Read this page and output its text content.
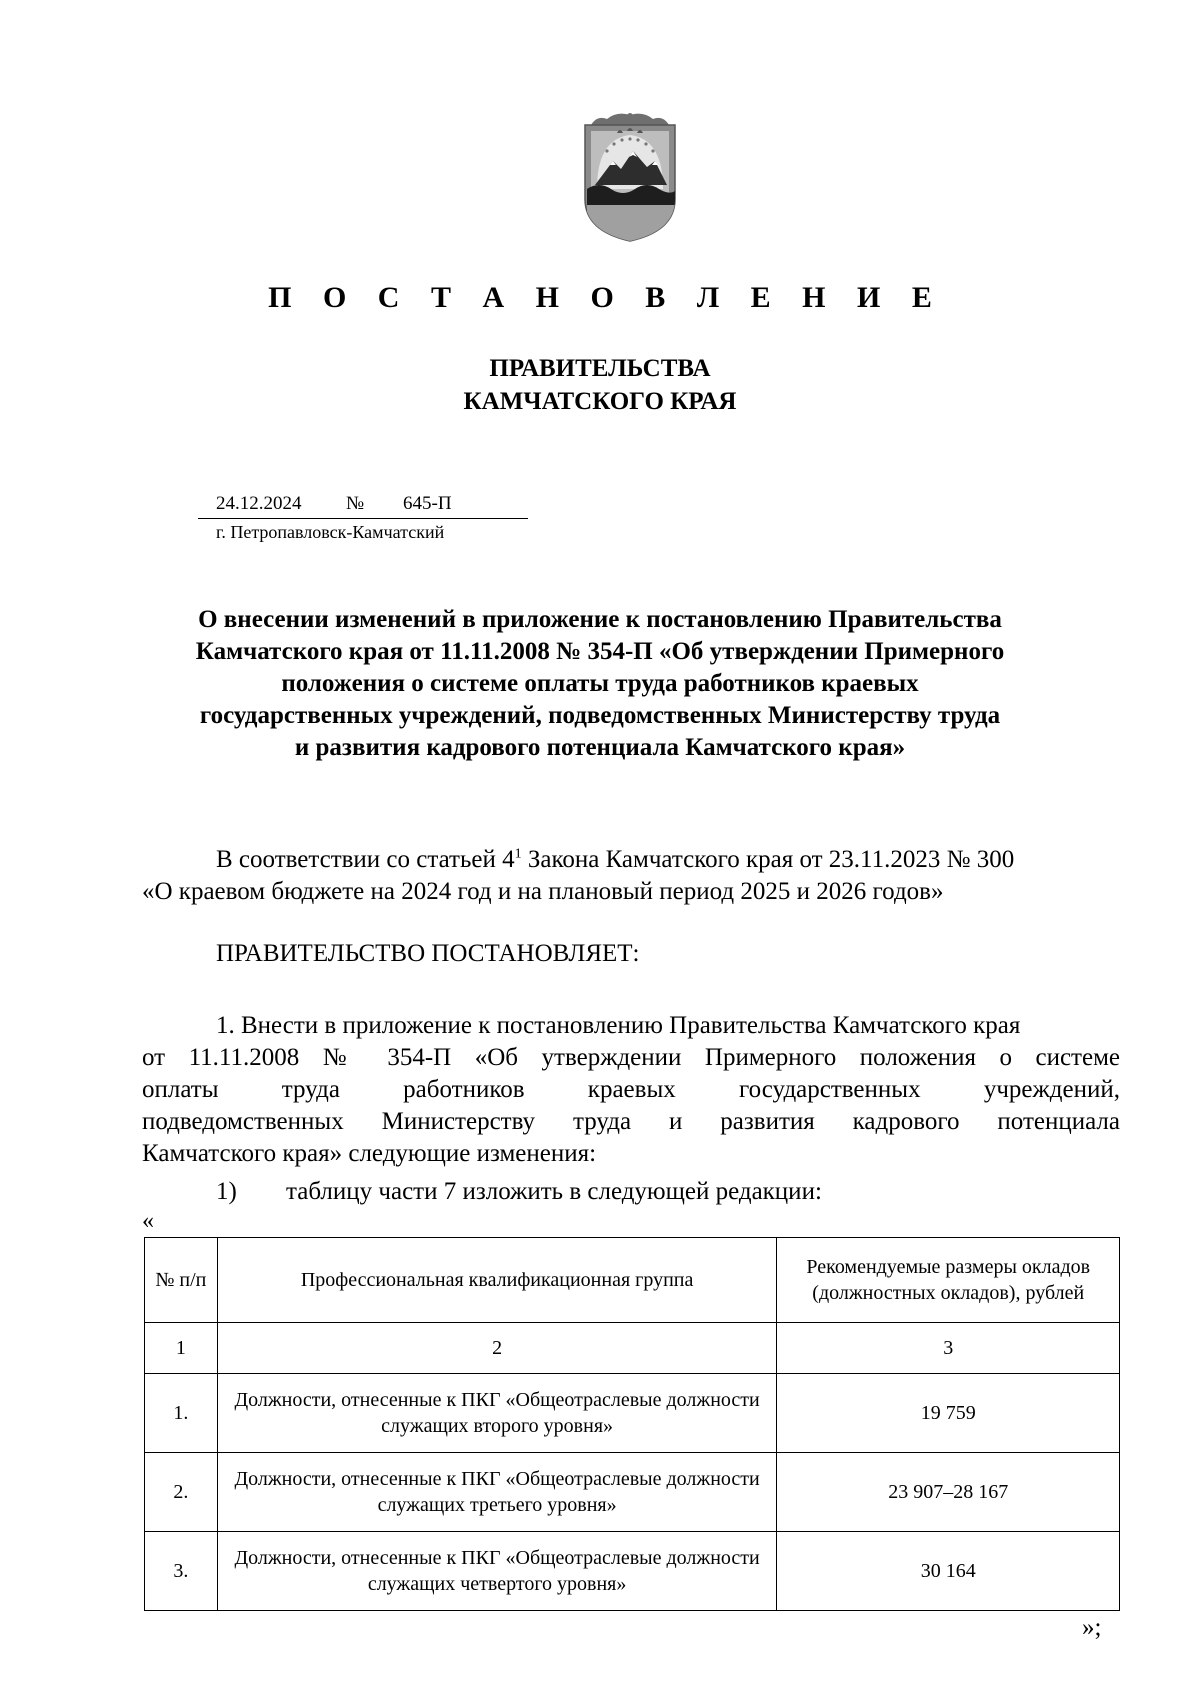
П О С Т А Н О В Л Е Н И Е
ПРАВИТЕЛЬСТВА
КАМЧАТСКОГО КРАЯ
24.12.2024 № 645-П
г. Петропавловск-Камчатский
О внесении изменений в приложение к постановлению Правительства
Камчатского края от 11.11.2008 № 354-П «Об утверждении Примерного
положения о системе оплаты труда работников краевых
государственных учреждений, подведомственных Министерству труда
и развития кадрового потенциала Камчатского края»
В соответствии со статьей $4^1$ Закона Камчатского края от 23.11.2023 № 300
«О краевом бюджете на 2024 год и на плановый период 2025 и 2026 годов»
ПРАВИТЕЛЬСТВО ПОСТАНОВЛЯЕТ:
1. Внести в приложение к постановлению Правительства Камчатского края
от 11.11.2008 № 354-П «Об утверждении Примерного положения о системе
оплаты труда работников краевых государственных учреждений,
подведомственных Министерству труда и развития кадрового потенциала
Камчатского края» следующие изменения:
1) таблицу части 7 изложить в следующей редакции:
«
№ п/п	Профессиональная квалификационная группа	Рекомендуемые размеры окладов (должностных окладов), рублей
1	2	3
1.	Должности, отнесенные к ПКГ «Общеотраслевые должности служащих второго уровня»	19 759
2.	Должности, отнесенные к ПКГ «Общеотраслевые должности служащих третьего уровня»	23 907–28 167
3.	Должности, отнесенные к ПКГ «Общеотраслевые должности служащих четвертого уровня»	30 164
»;
